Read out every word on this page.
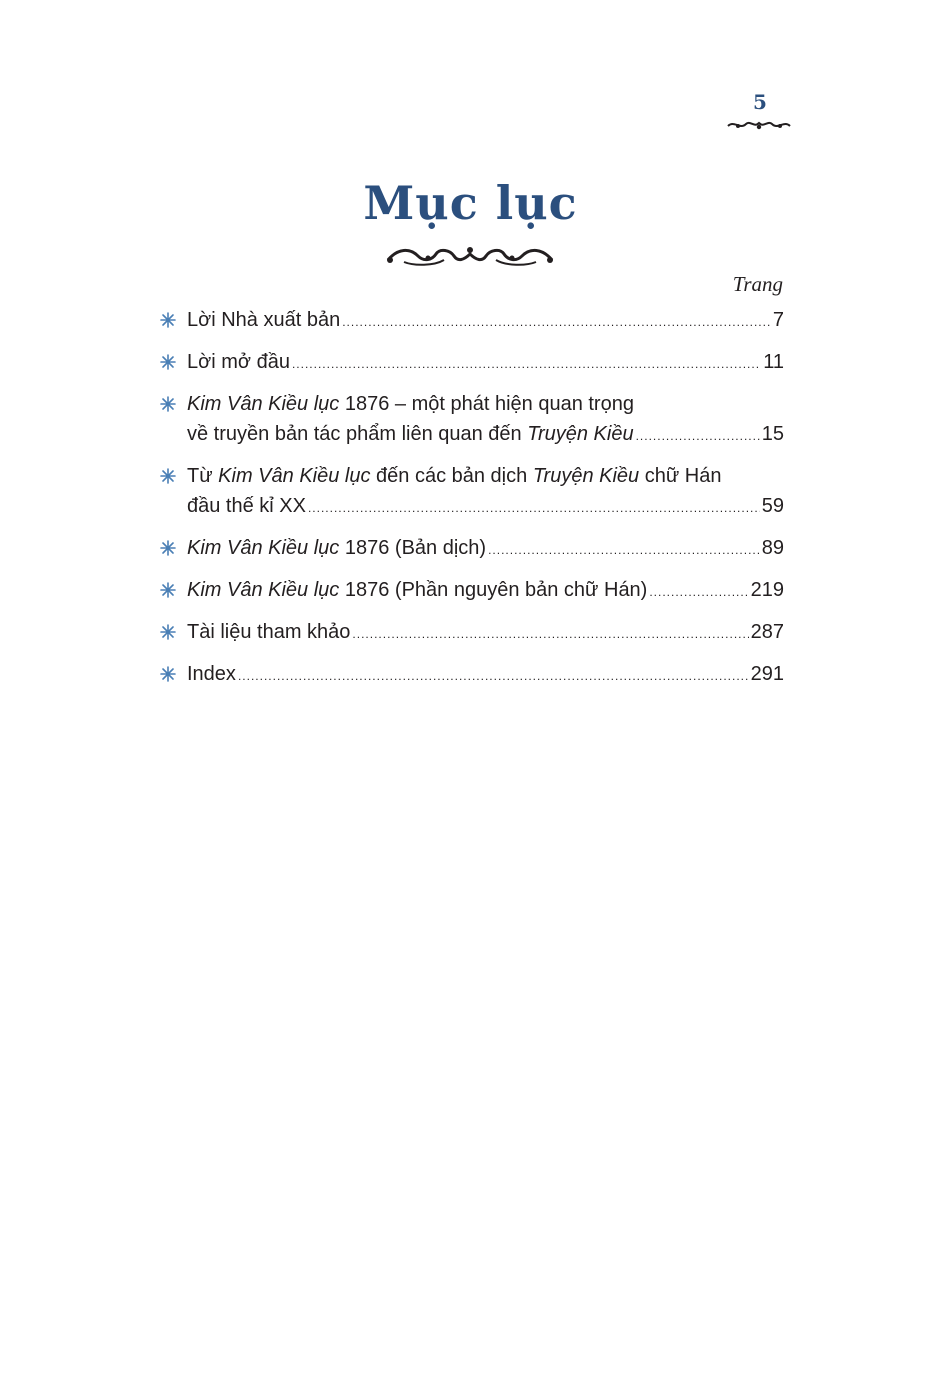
5
Mục lục
Trang
Lời Nhà xuất bản .....	7
Lời mở đầu .....	11
Kim Vân Kiều lục 1876 – một phát hiện quan trọng
về truyền bản tác phẩm liên quan đến Truyện Kiều .....	15
Từ Kim Vân Kiều lục đến các bản dịch Truyện Kiều chữ Hán
đầu thế kỉ XX .....	59
Kim Vân Kiều lục 1876 (Bản dịch) .....	89
Kim Vân Kiều lục 1876 (Phần nguyên bản chữ Hán) .....	219
Tài liệu tham khảo .....	287
Index .....	291
